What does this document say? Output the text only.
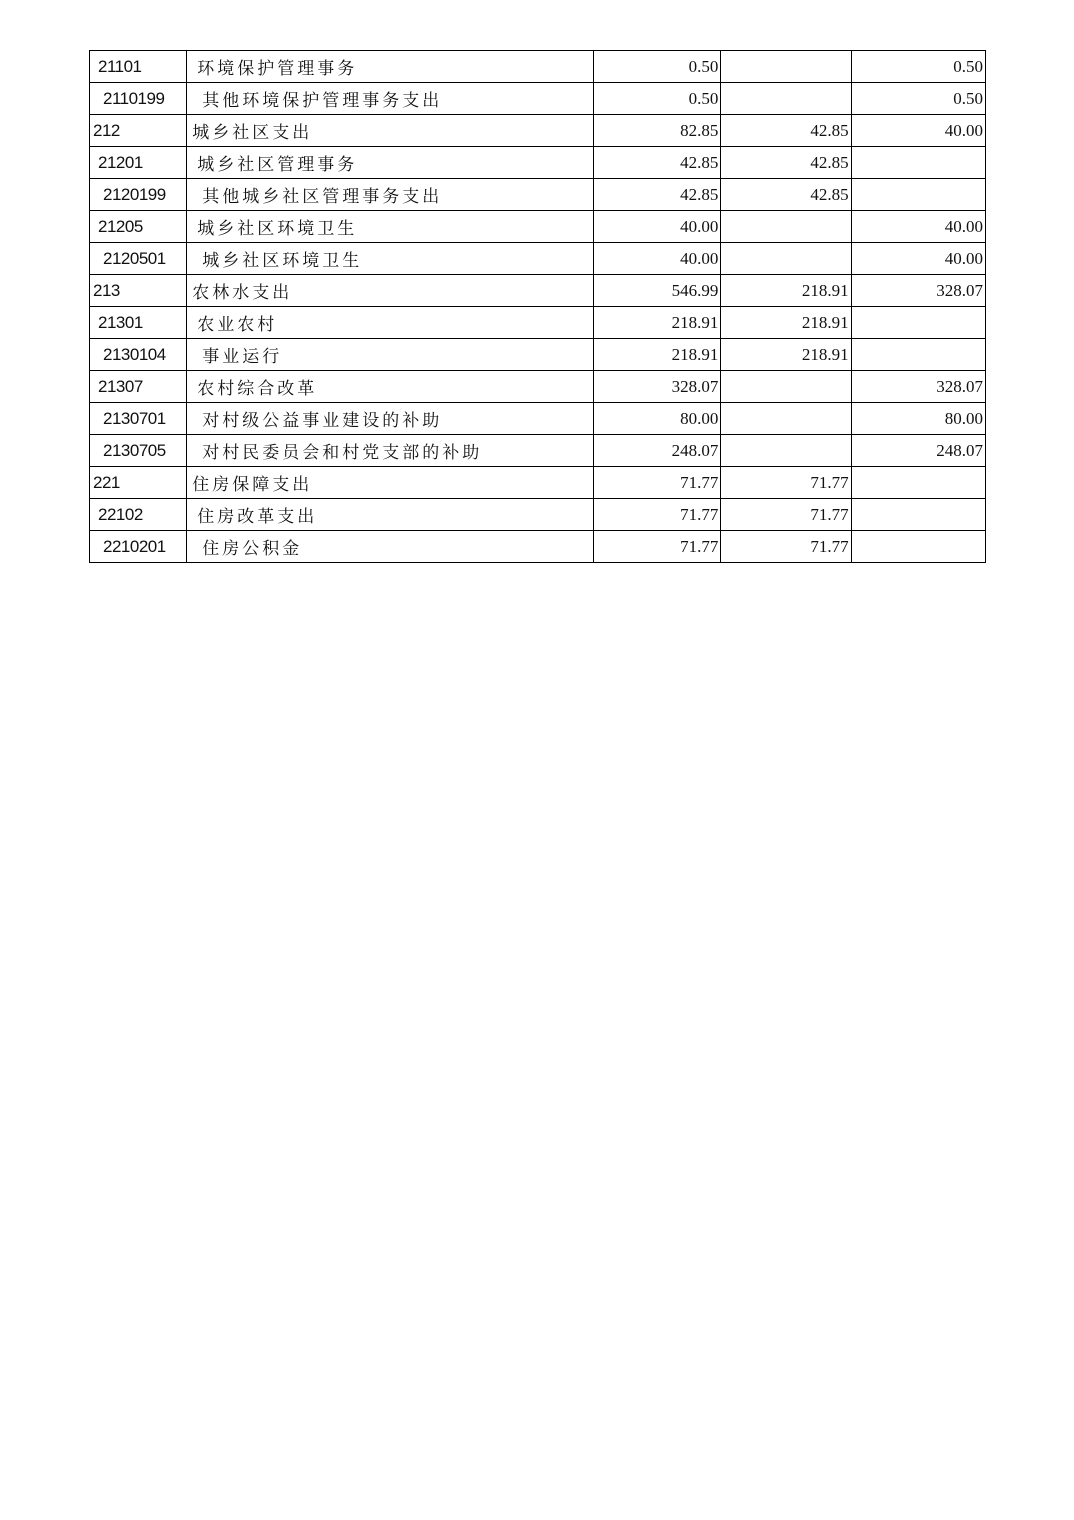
21101	环境保护管理事务	0.50		0.50
2110199	其他环境保护管理事务支出	0.50		0.50
212	城乡社区支出	82.85	42.85	40.00
21201	城乡社区管理事务	42.85	42.85	
2120199	其他城乡社区管理事务支出	42.85	42.85	
21205	城乡社区环境卫生	40.00		40.00
2120501	城乡社区环境卫生	40.00		40.00
213	农林水支出	546.99	218.91	328.07
21301	农业农村	218.91	218.91	
2130104	事业运行	218.91	218.91	
21307	农村综合改革	328.07		328.07
2130701	对村级公益事业建设的补助	80.00		80.00
2130705	对村民委员会和村党支部的补助	248.07		248.07
221	住房保障支出	71.77	71.77	
22102	住房改革支出	71.77	71.77	
2210201	住房公积金	71.77	71.77	
